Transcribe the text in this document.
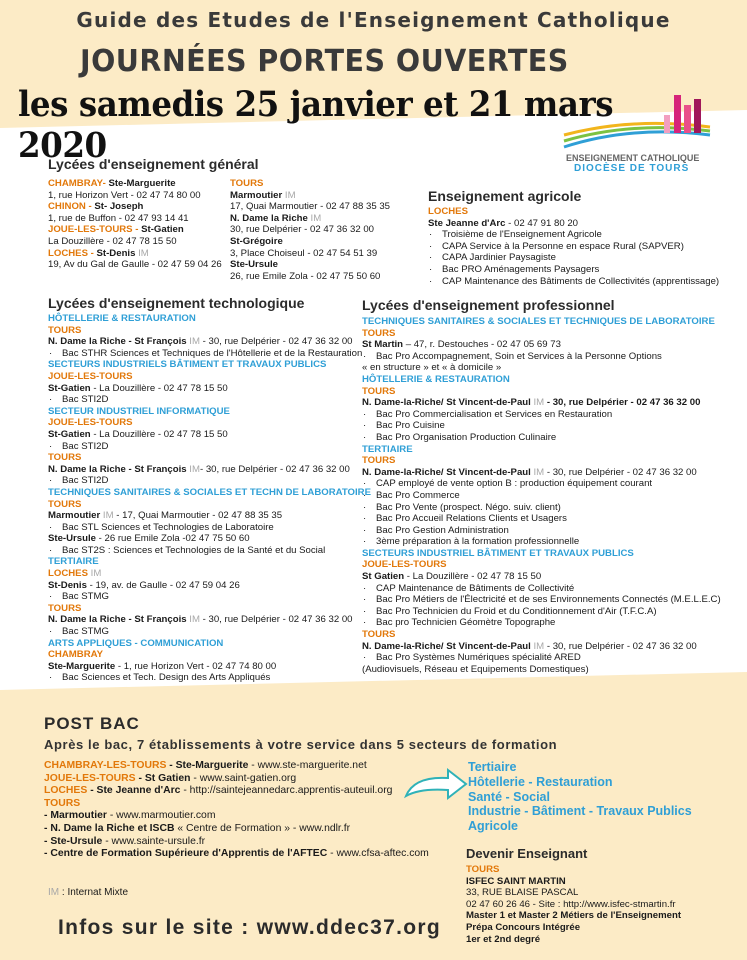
Guide des Etudes de l'Enseignement Catholique
JOURNÉES PORTES OUVERTES
les samedis 25 janvier et 21 mars 2020	ENSEIGNEMENT CATHOLIQUE
DIOCÈSE DE TOURS
Lycées d'enseignement général
CHAMBRAY- Ste-Marguerite
1, rue Horizon Vert - 02 47 74 80 00
CHINON - St- Joseph
1, rue de Buffon - 02 47 93 14 41
JOUE-LES-TOURS - St-Gatien
La Douzillère - 02 47 78 15 50
LOCHES - St-Denis IM
19, Av du Gal de Gaulle - 02 47 59 04 26
TOURS
Marmoutier IM
17, Quai Marmoutier - 02 47 88 35 35
N. Dame la Riche IM
30, rue Delpérier - 02 47 36 32 00
St-Grégoire
3, Place Choiseul - 02 47 54 51 39
Ste-Ursule
26, rue Emile Zola - 02 47 75 50 60
Enseignement agricole
LOCHES
Ste Jeanne d'Arc - 02 47 91 80 20
· Troisième de l'Enseignement Agricole
· CAPA Service à la Personne en espace Rural (SAPVER)
· CAPA Jardinier Paysagiste
· Bac PRO Aménagements Paysagers
· CAP Maintenance des Bâtiments de Collectivités (apprentissage)
Lycées d'enseignement technologique
HÔTELLERIE & RESTAURATION
TOURS
N. Dame la Riche - St François IM - 30, rue Delpérier - 02 47 36 32 00
· Bac STHR Sciences et Techniques de l'Hôtellerie et de la Restauration
SECTEURS INDUSTRIELS BÂTIMENT ET TRAVAUX PUBLICS
JOUE-LES-TOURS
St-Gatien - La Douzillère - 02 47 78 15 50
· Bac STI2D
SECTEUR INDUSTRIEL INFORMATIQUE
JOUE-LES-TOURS
St-Gatien - La Douzillère - 02 47 78 15 50
· Bac STI2D
TOURS
N. Dame la Riche - St François IM- 30, rue Delpérier - 02 47 36 32 00
· Bac STI2D
TECHNIQUES SANITAIRES & SOCIALES ET TECHN DE LABORATOIRE
TOURS
Marmoutier IM - 17, Quai Marmoutier - 02 47 88 35 35
· Bac STL Sciences et Technologies de Laboratoire
Ste-Ursule - 26 rue Emile Zola -02 47 75 50 60
· Bac ST2S : Sciences et Technologies de la Santé et du Social
TERTIAIRE
LOCHES IM
St-Denis - 19, av. de Gaulle - 02 47 59 04 26
· Bac STMG
TOURS
N. Dame la Riche - St François IM - 30, rue Delpérier - 02 47 36 32 00
· Bac STMG
ARTS APPLIQUES - COMMUNICATION
CHAMBRAY
Ste-Marguerite - 1, rue Horizon Vert - 02 47 74 80 00
· Bac Sciences et Tech. Design des Arts Appliqués
Lycées d'enseignement professionnel
TECHNIQUES SANITAIRES & SOCIALES ET TECHNIQUES DE LABORATOIRE
TOURS
St Martin – 47, r. Destouches - 02 47 05 69 73
· Bac Pro Accompagnement, Soin et Services à la Personne Options
« en structure » et « à domicile »
HÔTELLERIE & RESTAURATION
TOURS
N. Dame-la-Riche/ St Vincent-de-Paul IM - 30, rue Delpérier - 02 47 36 32 00
· Bac Pro Commercialisation et Services en Restauration
· Bac Pro Cuisine
· Bac Pro Organisation Production Culinaire
TERTIAIRE
TOURS
N. Dame-la-Riche/ St Vincent-de-Paul IM - 30, rue Delpérier - 02 47 36 32 00
· CAP employé de vente option B : production équipement courant
· Bac Pro Commerce
· Bac Pro Vente (prospect. Négo. suiv. client)
· Bac Pro Accueil Relations Clients et Usagers
· Bac Pro Gestion Administration
· 3ème préparation à la formation professionnelle
SECTEURS INDUSTRIEL BÂTIMENT ET TRAVAUX PUBLICS
JOUE-LES-TOURS
St Gatien - La Douzillère - 02 47 78 15 50
· CAP Maintenance de Bâtiments de Collectivité
· Bac Pro Métiers de l'Électricité et de ses Environnements Connectés (M.E.L.E.C)
· Bac Pro Technicien du Froid et du Conditionnement d'Air (T.F.C.A)
· Bac pro Technicien Géomètre Topographe
TOURS
N. Dame-la-Riche/ St Vincent-de-Paul IM - 30, rue Delpérier - 02 47 36 32 00
· Bac Pro Systèmes Numériques spécialité ARED
(Audiovisuels, Réseau et Equipements Domestiques)
POST BAC
Après le bac, 7 établissements à votre service dans 5 secteurs de formation
CHAMBRAY-LES-TOURS - Ste-Marguerite - www.ste-marguerite.net
JOUE-LES-TOURS - St Gatien - www.saint-gatien.org
LOCHES - Ste Jeanne d'Arc - http://saintejeannedarc.apprentis-auteuil.org
TOURS
- Marmoutier - www.marmoutier.com
- N. Dame la Riche et ISCB « Centre de Formation » - www.ndlr.fr
- Ste-Ursule - www.sainte-ursule.fr
- Centre de Formation Supérieure d'Apprentis de l'AFTEC - www.cfsa-aftec.com
Tertiaire
Hôtellerie - Restauration
Santé - Social
Industrie - Bâtiment - Travaux Publics
Agricole
Devenir Enseignant
TOURS
ISFEC SAINT MARTIN
33, RUE BLAISE PASCAL
02 47 60 26 46 - Site : http://www.isfec-stmartin.fr
Master 1 et Master 2 Métiers de l'Enseignement
Prépa Concours Intégrée
1er et 2nd degré
IM : Internat Mixte
Infos sur le site : www.ddec37.org
